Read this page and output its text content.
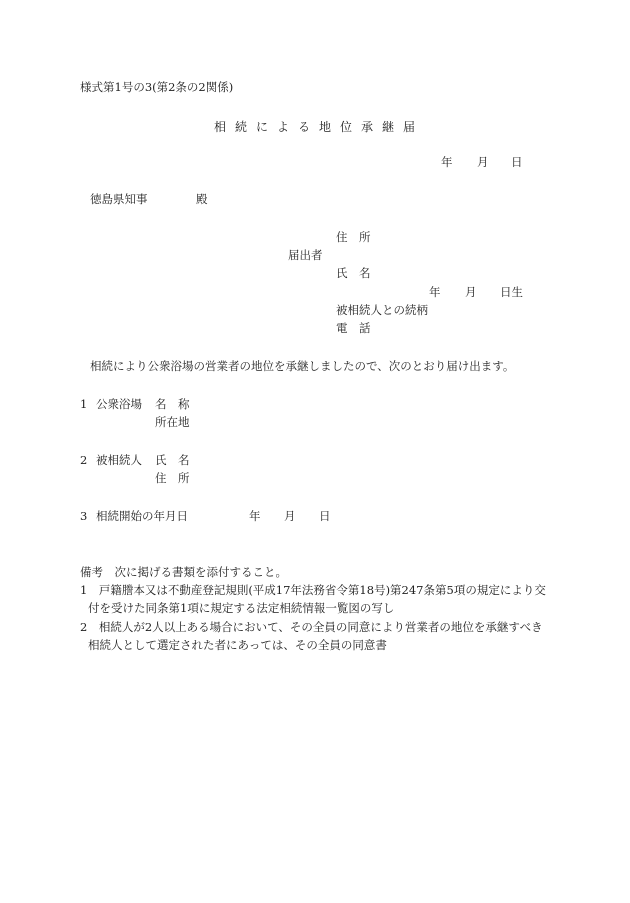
様式第1号の3(第2条の2関係)
相続による地位承継届
年 月 日
徳島県知事	殿
住　所
届出者
氏　名
年 月 日生
被相続人との続柄
電　話
相続により公衆浴場の営業者の地位を承継しましたので、次のとおり届け出ます。
1 公衆浴場 名　称
所在地
2 被相続人 氏　名
住　所
3 相続開始の年月日	年 月 日
備考　次に掲げる書類を添付すること。
1　戸籍謄本又は不動産登記規則(平成17年法務省令第18号)第247条第5項の規定により交
付を受けた同条第1項に規定する法定相続情報一覧図の写し
2　相続人が2人以上ある場合において、その全員の同意により営業者の地位を承継すべき
相続人として選定された者にあっては、その全員の同意書
